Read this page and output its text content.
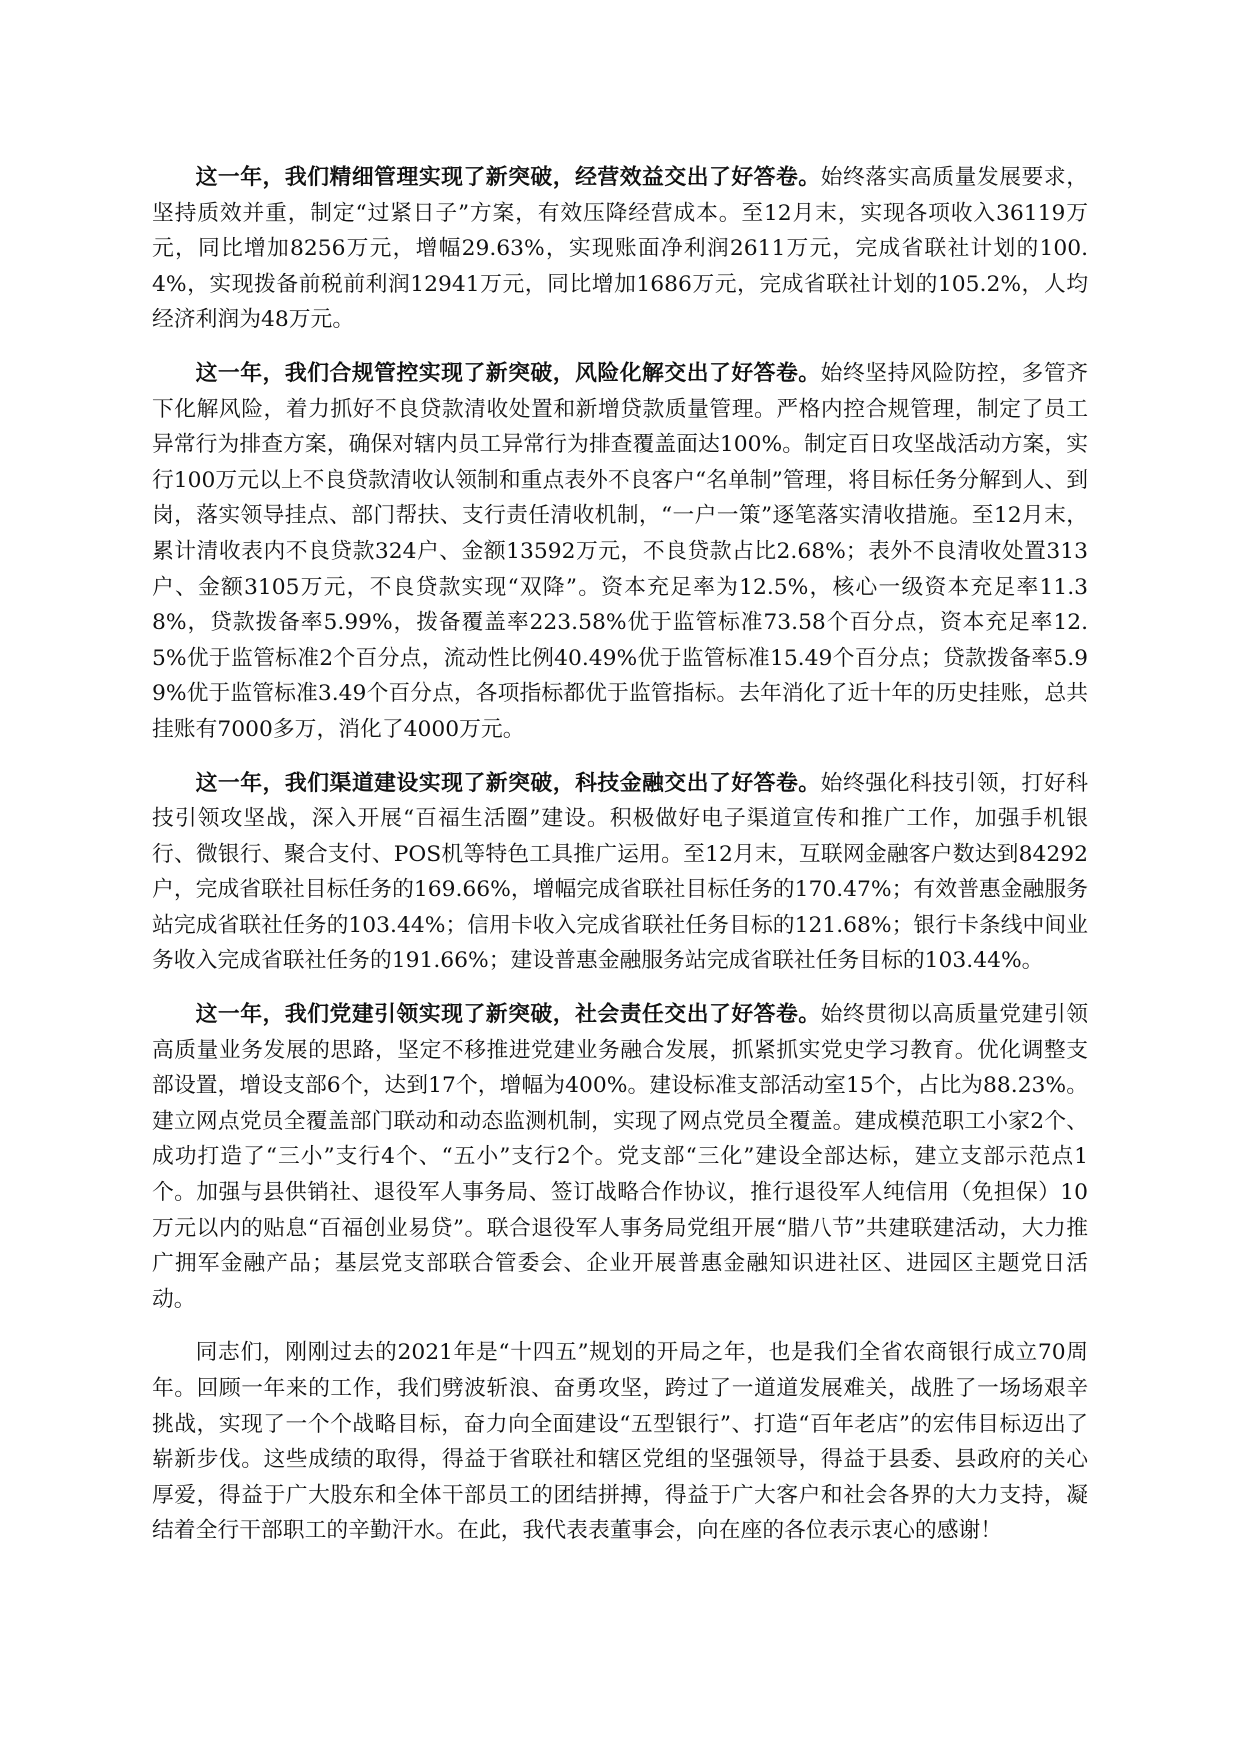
这一年，我们精细管理实现了新突破，经营效益交出了好答卷。始终落实高质量发展要求，坚持质效并重，制定“过紧日子”方案，有效压降经营成本。至12月末，实现各项收入36119万元，同比增加8256万元，增幅29.63%，实现账面净利润2611万元，完成省联社计划的100.4%，实现拨备前税前利润12941万元，同比增加1686万元，完成省联社计划的105.2%，人均经济利润为48万元。

这一年，我们合规管控实现了新突破，风险化解交出了好答卷。始终坚持风险防控，多管齐下化解风险，着力抓好不良贷款清收处置和新增贷款质量管理。严格内控合规管理，制定了员工异常行为排查方案，确保对辖内员工异常行为排查覆盖面达100%。制定百日攻坚战活动方案，实行100万元以上不良贷款清收认领制和重点表外不良客户“名单制”管理，将目标任务分解到人、到岗，落实领导挂点、部门帮扶、支行责任清收机制，“一户一策”逐笔落实清收措施。至12月末，累计清收表内不良贷款324户、金额13592万元，不良贷款占比2.68%；表外不良清收处置313户、金额3105万元，不良贷款实现“双降”。资本充足率为12.5%，核心一级资本充足率11.38%，贷款拨备率5.99%，拨备覆盖率223.58%优于监管标准73.58个百分点，资本充足率12.5%优于监管标准2个百分点，流动性比例40.49%优于监管标准15.49个百分点；贷款拨备率5.99%优于监管标准3.49个百分点，各项指标都优于监管指标。去年消化了近十年的历史挂账，总共挂账有7000多万，消化了4000万元。

这一年，我们渠道建设实现了新突破，科技金融交出了好答卷。始终强化科技引领，打好科技引领攻坚战，深入开展“百福生活圈”建设。积极做好电子渠道宣传和推广工作，加强手机银行、微银行、聚合支付、POS机等特色工具推广运用。至12月末，互联网金融客户数达到84292户，完成省联社目标任务的169.66%，增幅完成省联社目标任务的170.47%；有效普惠金融服务站完成省联社任务的103.44%；信用卡收入完成省联社任务目标的121.68%；银行卡条线中间业务收入完成省联社任务的191.66%；建设普惠金融服务站完成省联社任务目标的103.44%。

这一年，我们党建引领实现了新突破，社会责任交出了好答卷。始终贯彻以高质量党建引领高质量业务发展的思路，坚定不移推进党建业务融合发展，抓紧抓实党史学习教育。优化调整支部设置，增设支部6个，达到17个，增幅为400%。建设标准支部活动室15个，占比为88.23%。建立网点党员全覆盖部门联动和动态监测机制，实现了网点党员全覆盖。建成模范职工小家2个、成功打造了“三小”支行4个、“五小”支行2个。党支部“三化”建设全部达标，建立支部示范点1个。加强与县供销社、退役军人事务局、签订战略合作协议，推行退役军人纯信用（免担保）10万元以内的贴息“百福创业易贷”。联合退役军人事务局党组开展“腊八节”共建联建活动，大力推广拥军金融产品；基层党支部联合管委会、企业开展普惠金融知识进社区、进园区主题党日活动。

同志们，刚刚过去的2021年是“十四五”规划的开局之年，也是我们全省农商银行成立70周年。回顾一年来的工作，我们劈波斩浪、奋勇攻坚，跨过了一道道发展难关，战胜了一场场艰辛挑战，实现了一个个战略目标，奋力向全面建设“五型银行”、打造“百年老店”的宏伟目标迈出了崭新步伐。这些成绩的取得，得益于省联社和辖区党组的坚强领导，得益于县委、县政府的关心厚爱，得益于广大股东和全体干部员工的团结拼搏，得益于广大客户和社会各界的大力支持，凝结着全行干部职工的辛勤汗水。在此，我代表表董事会，向在座的各位表示衷心的感谢！
